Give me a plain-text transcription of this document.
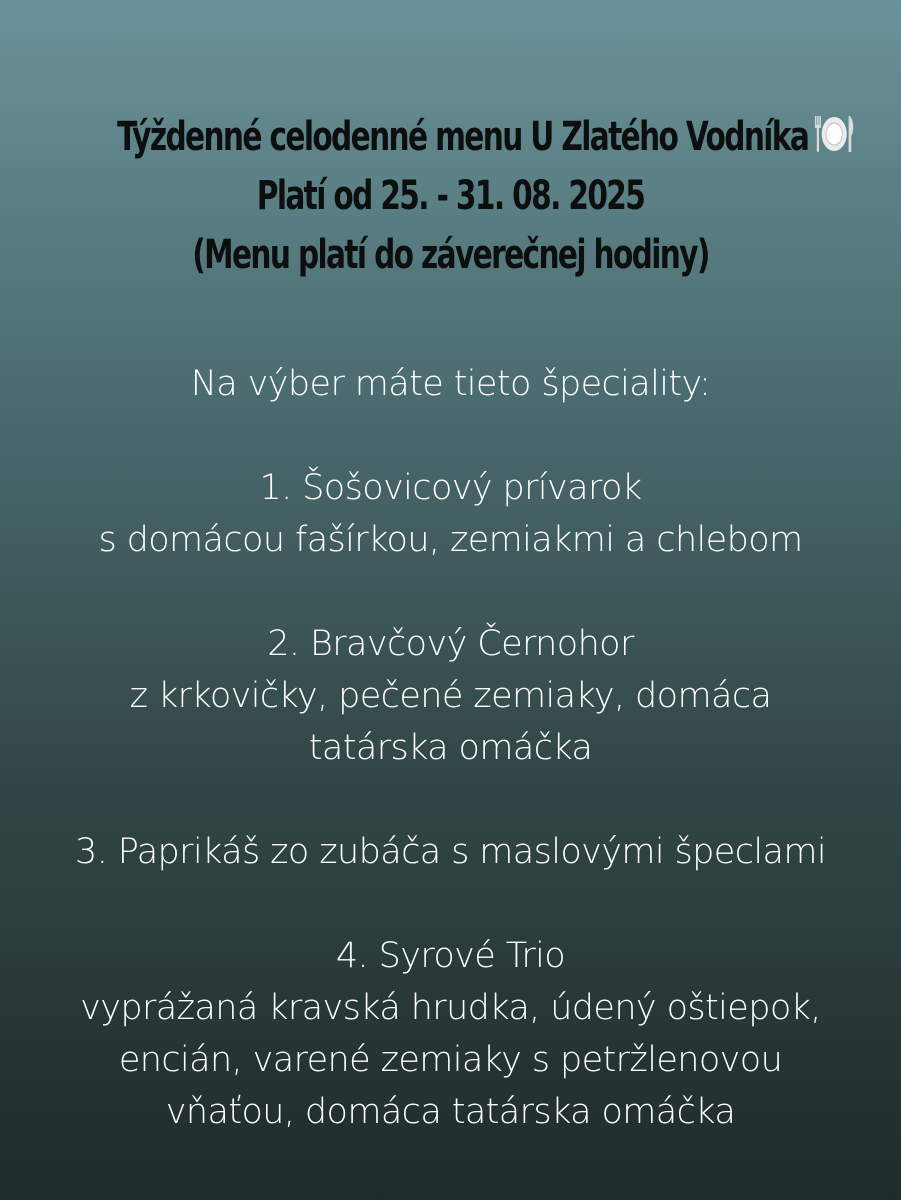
Týždenné celodenné menu U Zlatého Vodníka
Platí od 25. - 31. 08. 2025
(Menu platí do záverečnej hodiny)
Na výber máte tieto špeciality:
1. Šošovicový prívarok
s domácou fašírkou, zemiakmi a chlebom
2. Bravčový Černohor
z krkovičky, pečené zemiaky, domáca
tatárska omáčka
3. Paprikáš zo zubáča s maslovými špeclami
4. Syrové Trio
vyprážaná kravská hrudka, údený oštiepok,
encián, varené zemiaky s petržlenovou
vňaťou, domáca tatárska omáčka
